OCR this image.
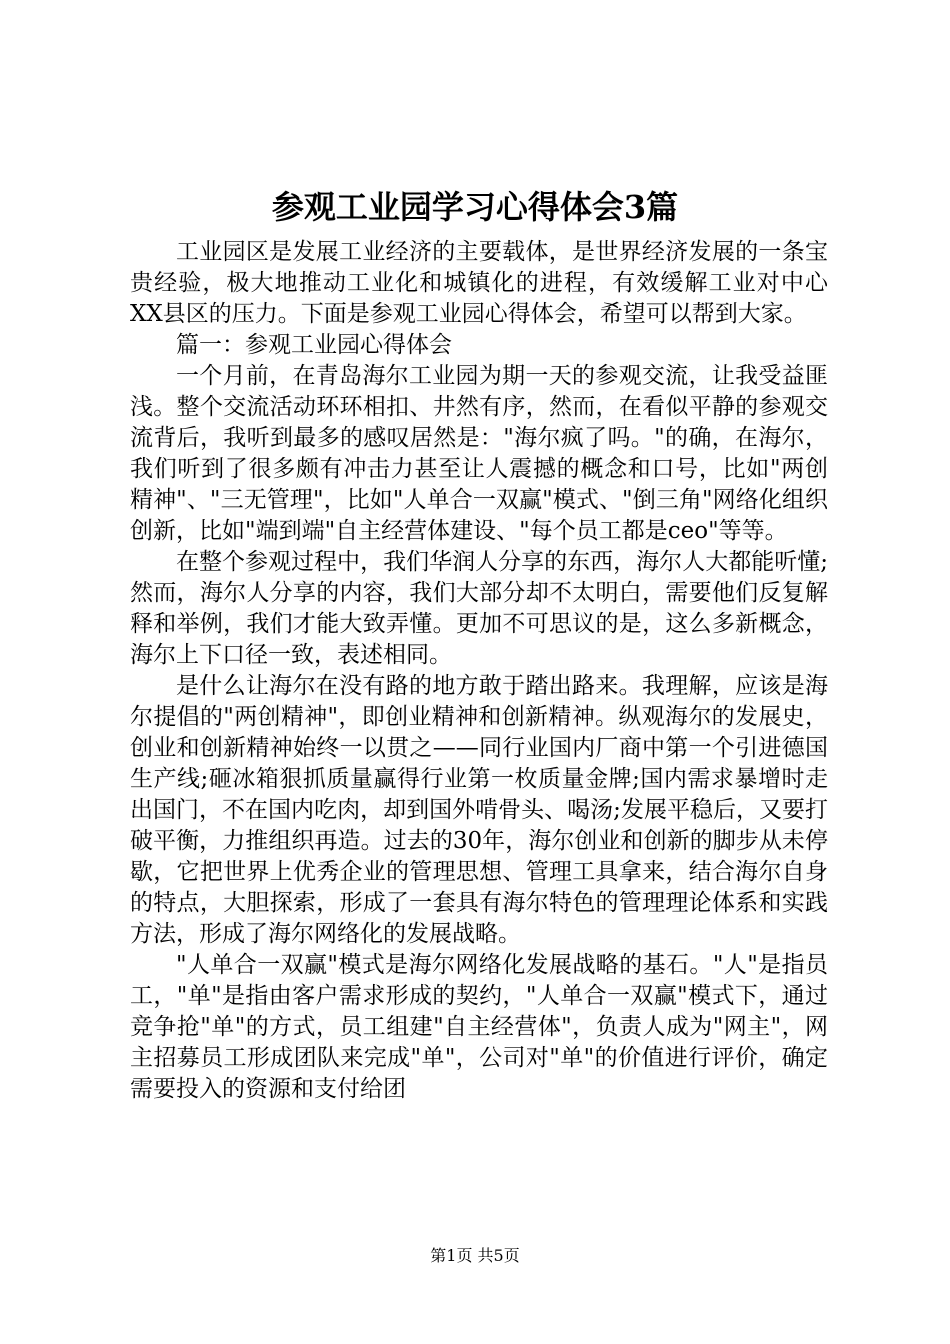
参观工业园学习心得体会3篇

工业园区是发展工业经济的主要载体，是世界经济发展的一条宝贵经验，极大地推动工业化和城镇化的进程，有效缓解工业对中心XX县区的压力。下面是参观工业园心得体会，希望可以帮到大家。

篇一：参观工业园心得体会

一个月前，在青岛海尔工业园为期一天的参观交流，让我受益匪浅。整个交流活动环环相扣、井然有序，然而，在看似平静的参观交流背后，我听到最多的感叹居然是："海尔疯了吗。"的确，在海尔，我们听到了很多颇有冲击力甚至让人震撼的概念和口号，比如"两创精神"、"三无管理"，比如"人单合一双赢"模式、"倒三角"网络化组织创新，比如"端到端"自主经营体建设、"每个员工都是ceo"等等。

在整个参观过程中，我们华润人分享的东西，海尔人大都能听懂;然而，海尔人分享的内容，我们大部分却不太明白，需要他们反复解释和举例，我们才能大致弄懂。更加不可思议的是，这么多新概念，海尔上下口径一致，表述相同。

是什么让海尔在没有路的地方敢于踏出路来。我理解，应该是海尔提倡的"两创精神"，即创业精神和创新精神。纵观海尔的发展史，创业和创新精神始终一以贯之——同行业国内厂商中第一个引进德国生产线;砸冰箱狠抓质量赢得行业第一枚质量金牌;国内需求暴增时走出国门，不在国内吃肉，却到国外啃骨头、喝汤;发展平稳后，又要打破平衡，力推组织再造。过去的30年，海尔创业和创新的脚步从未停歇，它把世界上优秀企业的管理思想、管理工具拿来，结合海尔自身的特点，大胆探索，形成了一套具有海尔特色的管理理论体系和实践方法，形成了海尔网络化的发展战略。

"人单合一双赢"模式是海尔网络化发展战略的基石。"人"是指员工，"单"是指由客户需求形成的契约，"人单合一双赢"模式下，通过竞争抢"单"的方式，员工组建"自主经营体"，负责人成为"网主"，网主招募员工形成团队来完成"单"，公司对"单"的价值进行评价，确定需要投入的资源和支付给团

第1页 共5页
